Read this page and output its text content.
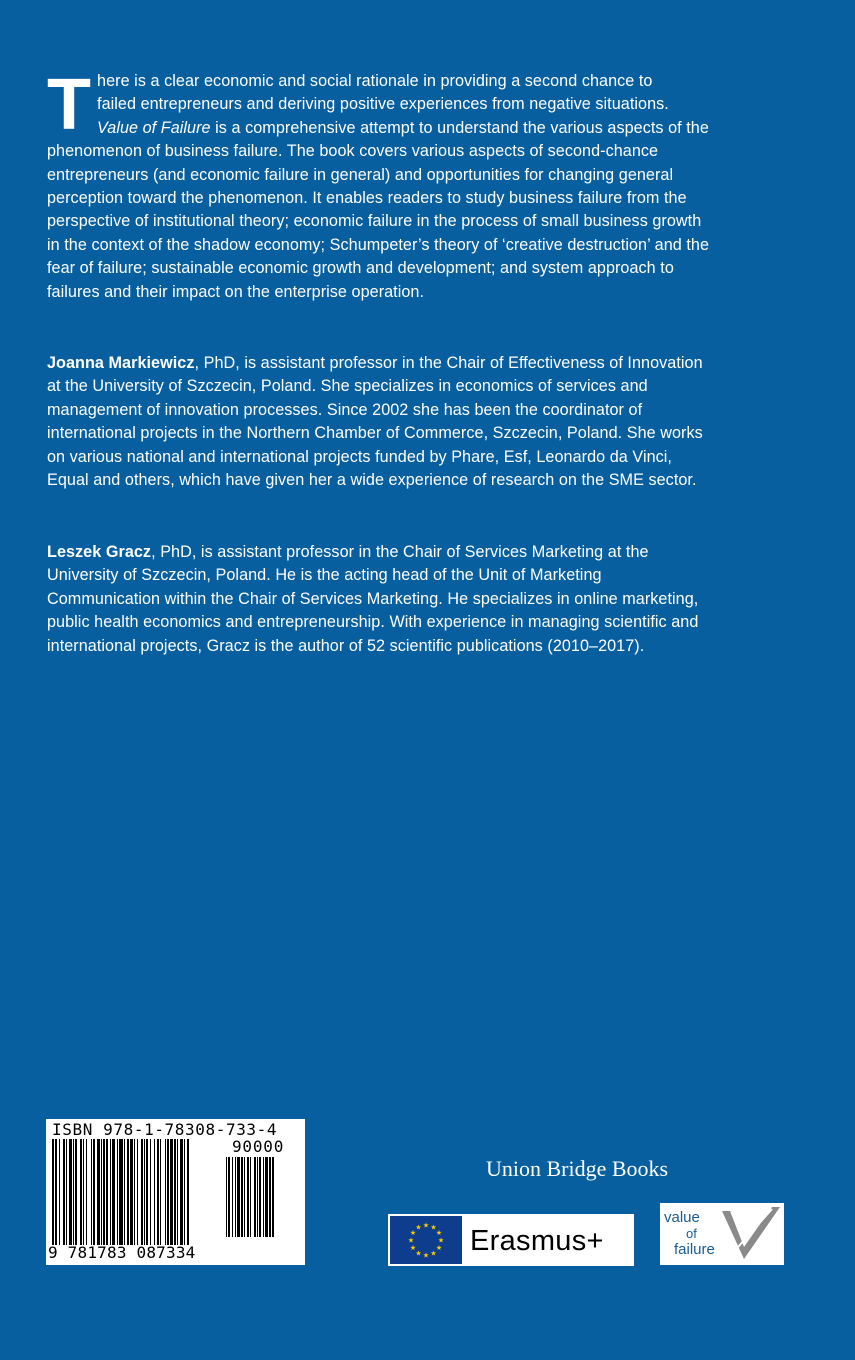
T here is a clear economic and social rationale in providing a second chance to
failed entrepreneurs and deriving positive experiences from negative situations.
Value of Failure is a comprehensive attempt to understand the various aspects of the phenomenon of business failure. The book covers various aspects of second-chance entrepreneurs (and economic failure in general) and opportunities for changing general perception toward the phenomenon. It enables readers to study business failure from the perspective of institutional theory; economic failure in the process of small business growth in the context of the shadow economy; Schumpeter’s theory of ‘creative destruction’ and the fear of failure; sustainable economic growth and development; and system approach to failures and their impact on the enterprise operation.
Joanna Markiewicz, PhD, is assistant professor in the Chair of Effectiveness of Innovation at the University of Szczecin, Poland. She specializes in economics of services and management of innovation processes. Since 2002 she has been the coordinator of international projects in the Northern Chamber of Commerce, Szczecin, Poland. She works on various national and international projects funded by Phare, Esf, Leonardo da Vinci, Equal and others, which have given her a wide experience of research on the SME sector.
Leszek Gracz, PhD, is assistant professor in the Chair of Services Marketing at the University of Szczecin, Poland. He is the acting head of the Unit of Marketing Communication within the Chair of Services Marketing. He specializes in online marketing, public health economics and entrepreneurship. With experience in managing scientific and international projects, Gracz is the author of 52 scientific publications (2010–2017).
ISBN 978-1-78308-733-4
90000
9 781783 087334
Union Bridge Books
★
★
★
★
★
★
★
★
★ ★ ★
★ Erasmus+
value
of
failure
